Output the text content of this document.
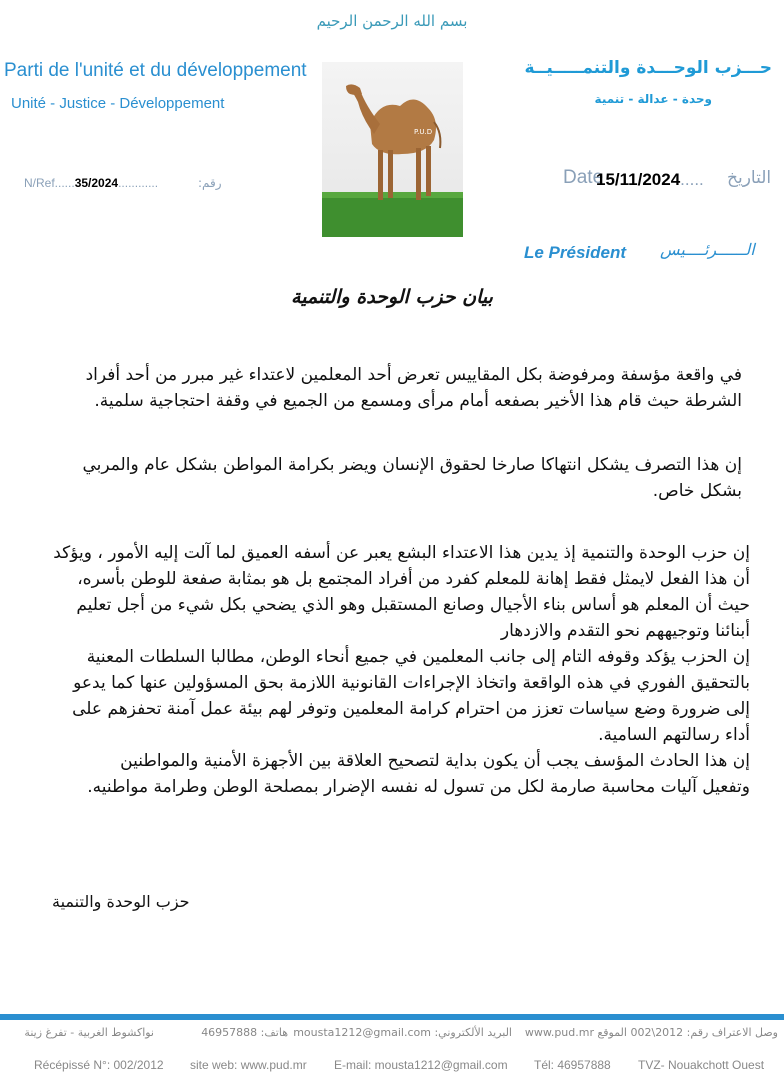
بسم الله الرحمن الرحيم
Parti de l'unité et du développement
Unité - Justice - Développement
حـــزب الوحـــدة والتنمـــــيــة
وحدة - عدالة - تنمية
P.U.D
N/Ref......35/2024............	رقم:	Date
15/11/2024..... التاريخ
Le Président الــــــرئــــيس
بيان حزب الوحدة والتنمية
في واقعة مؤسفة ومرفوضة بكل المقاييس تعرض أحد المعلمين لاعتداء غير مبرر من أحد أفراد الشرطة حيث قام هذا الأخير بصفعه أمام مرأى ومسمع من الجميع في وقفة احتجاجية سلمية.
إن هذا التصرف يشكل انتهاكا صارخا لحقوق الإنسان ويضر بكرامة المواطن بشكل عام والمربي بشكل خاص.
إن حزب الوحدة والتنمية إذ يدين هذا الاعتداء البشع يعبر عن أسفه العميق لما آلت إليه الأمور ، ويؤكد أن هذا الفعل لايمثل فقط إهانة للمعلم كفرد من أفراد المجتمع بل هو بمثابة صفعة للوطن بأسره، حيث أن المعلم هو أساس بناء الأجيال وصانع المستقبل وهو الذي يضحي بكل شيء من أجل تعليم أبنائنا وتوجيههم نحو التقدم والازدهار
إن الحزب يؤكد وقوفه التام إلى جانب المعلمين في جميع أنحاء الوطن، مطالبا السلطات المعنية بالتحقيق الفوري في هذه الواقعة واتخاذ الإجراءات القانونية اللازمة بحق المسؤولين عنها كما يدعو إلى ضرورة وضع سياسات تعزز من احترام كرامة المعلمين وتوفر لهم بيئة عمل آمنة تحفزهم على أداء رسالتهم السامية.
إن هذا الحادث المؤسف يجب أن يكون بداية لتصحيح العلاقة بين الأجهزة الأمنية والمواطنين وتفعيل آليات محاسبة صارمة لكل من تسول له نفسه الإضرار بمصلحة الوطن وطرامة مواطنيه.
حزب الوحدة والتنمية
وصل الاعتراف رقم: 2012\002 الموقع
www.pud.mr
البريد الألكتروني: mousta1212@gmail.com
هاتف: 46957888
نواكشوط الغربية - تفرغ زينة
Récépissé N°: 002/2012 site web: www.pud.mr E-mail: mousta1212@gmail.com Tél: 46957888 TVZ- Nouakchott Ouest
